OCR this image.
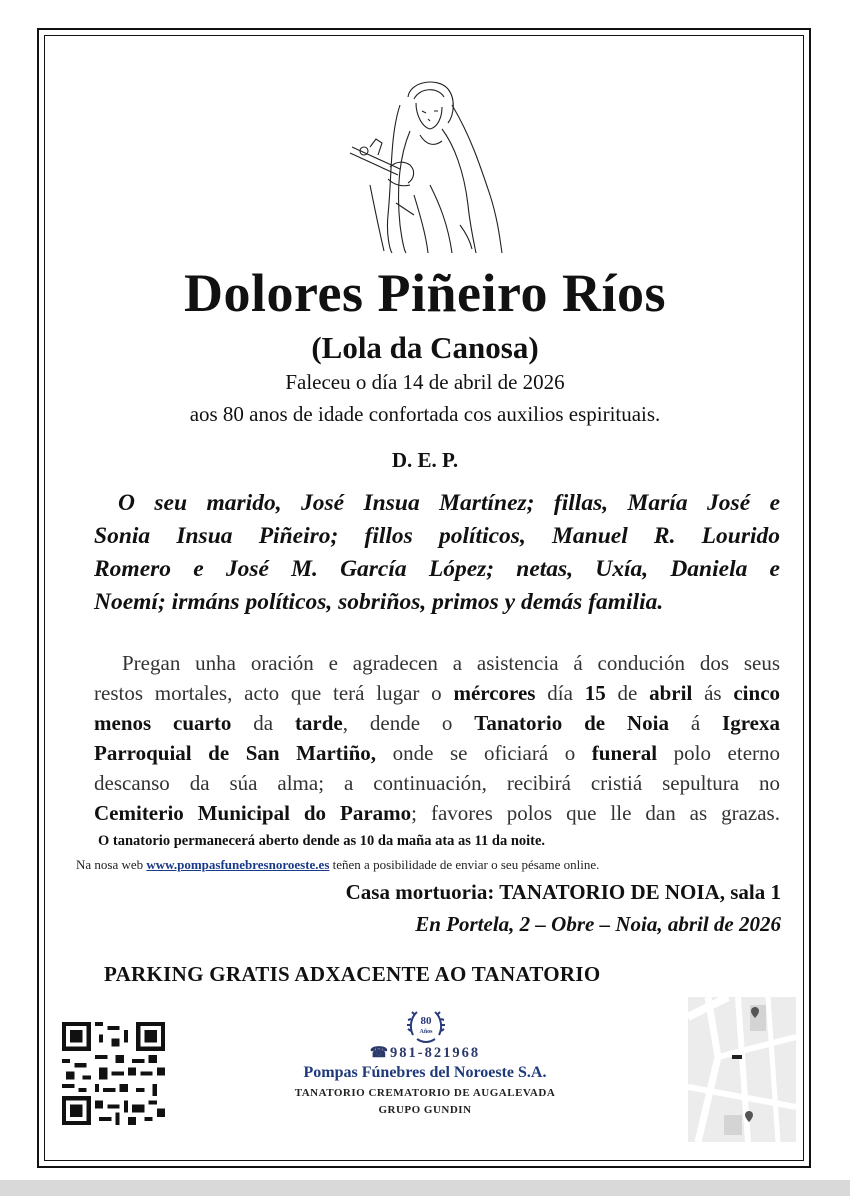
Dolores Piñeiro Ríos
(Lola da Canosa)
Faleceu o día 14 de abril de 2026
aos 80 anos de idade confortada cos auxilios espirituais.
D. E. P.
O seu marido, José Insua Martínez; fillas, María José e
Sonia Insua Piñeiro; fillos políticos, Manuel R. Lourido
Romero e José M. García López; netas, Uxía, Daniela e
Noemí; irmáns políticos, sobriños, primos y demás familia.
Pregan unha oración e agradecen a asistencia á condución dos seus
restos mortales, acto que terá lugar o mércores día 15 de abril ás cinco
menos cuarto da tarde, dende o Tanatorio de Noia á Igrexa
Parroquial de San Martiño, onde se oficiará o funeral polo eterno
descanso da súa alma; a continuación, recibirá cristiá sepultura no
Cemiterio Municipal do Paramo; favores polos que lle dan as grazas.
O tanatorio permanecerá aberto dende as 10 da maña ata as 11 da noite.
Na nosa web www.pompasfunebresnoroeste.es teñen a posibilidade de enviar o seu pésame online.
Casa mortuoria: TANATORIO DE NOIA, sala 1
En Portela, 2 – Obre – Noia, abril de 2026
PARKING GRATIS ADXACENTE AO TANATORIO
80
Años
☎981-821968
Pompas Fúnebres del Noroeste S.A.
TANATORIO CREMATORIO DE AUGALEVADA
GRUPO GUNDIN
